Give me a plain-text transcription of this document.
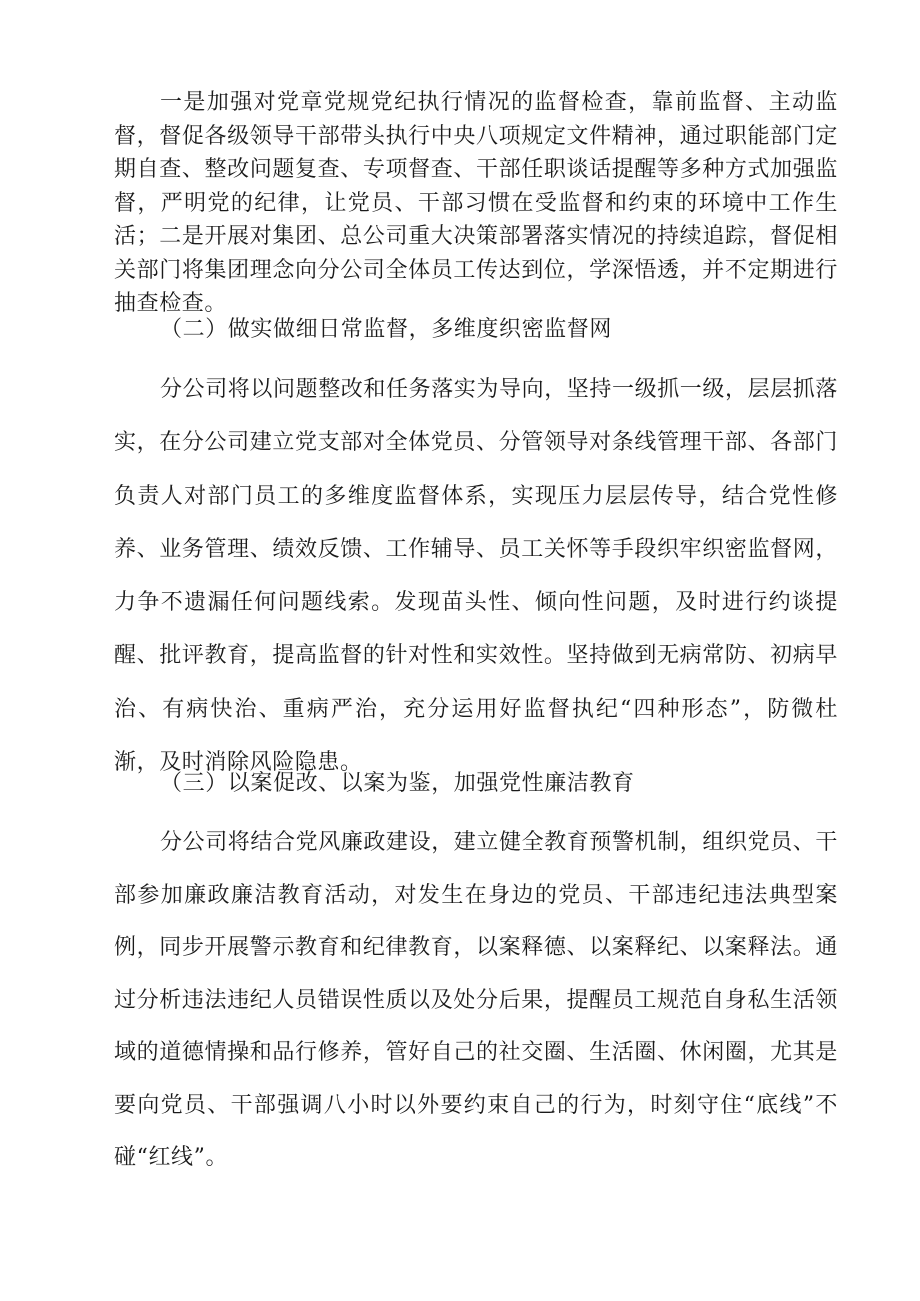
一是加强对党章党规党纪执行情况的监督检查，靠前监督、主动监督，督促各级领导干部带头执行中央八项规定文件精神，通过职能部门定期自查、整改问题复查、专项督查、干部任职谈话提醒等多种方式加强监督，严明党的纪律，让党员、干部习惯在受监督和约束的环境中工作生活；二是开展对集团、总公司重大决策部署落实情况的持续追踪，督促相关部门将集团理念向分公司全体员工传达到位，学深悟透，并不定期进行抽查检查。

（二）做实做细日常监督，多维度织密监督网

分公司将以问题整改和任务落实为导向，坚持一级抓一级，层层抓落实，在分公司建立党支部对全体党员、分管领导对条线管理干部、各部门负责人对部门员工的多维度监督体系，实现压力层层传导，结合党性修养、业务管理、绩效反馈、工作辅导、员工关怀等手段织牢织密监督网，力争不遗漏任何问题线索。发现苗头性、倾向性问题，及时进行约谈提醒、批评教育，提高监督的针对性和实效性。坚持做到无病常防、初病早治、有病快治、重病严治，充分运用好监督执纪“四种形态”，防微杜渐，及时消除风险隐患。

（三）以案促改、以案为鉴，加强党性廉洁教育

分公司将结合党风廉政建设，建立健全教育预警机制，组织党员、干部参加廉政廉洁教育活动，对发生在身边的党员、干部违纪违法典型案例，同步开展警示教育和纪律教育，以案释德、以案释纪、以案释法。通过分析违法违纪人员错误性质以及处分后果，提醒员工规范自身私生活领域的道德情操和品行修养，管好自己的社交圈、生活圈、休闲圈，尤其是要向党员、干部强调八小时以外要约束自己的行为，时刻守住“底线”不碰“红线”。
